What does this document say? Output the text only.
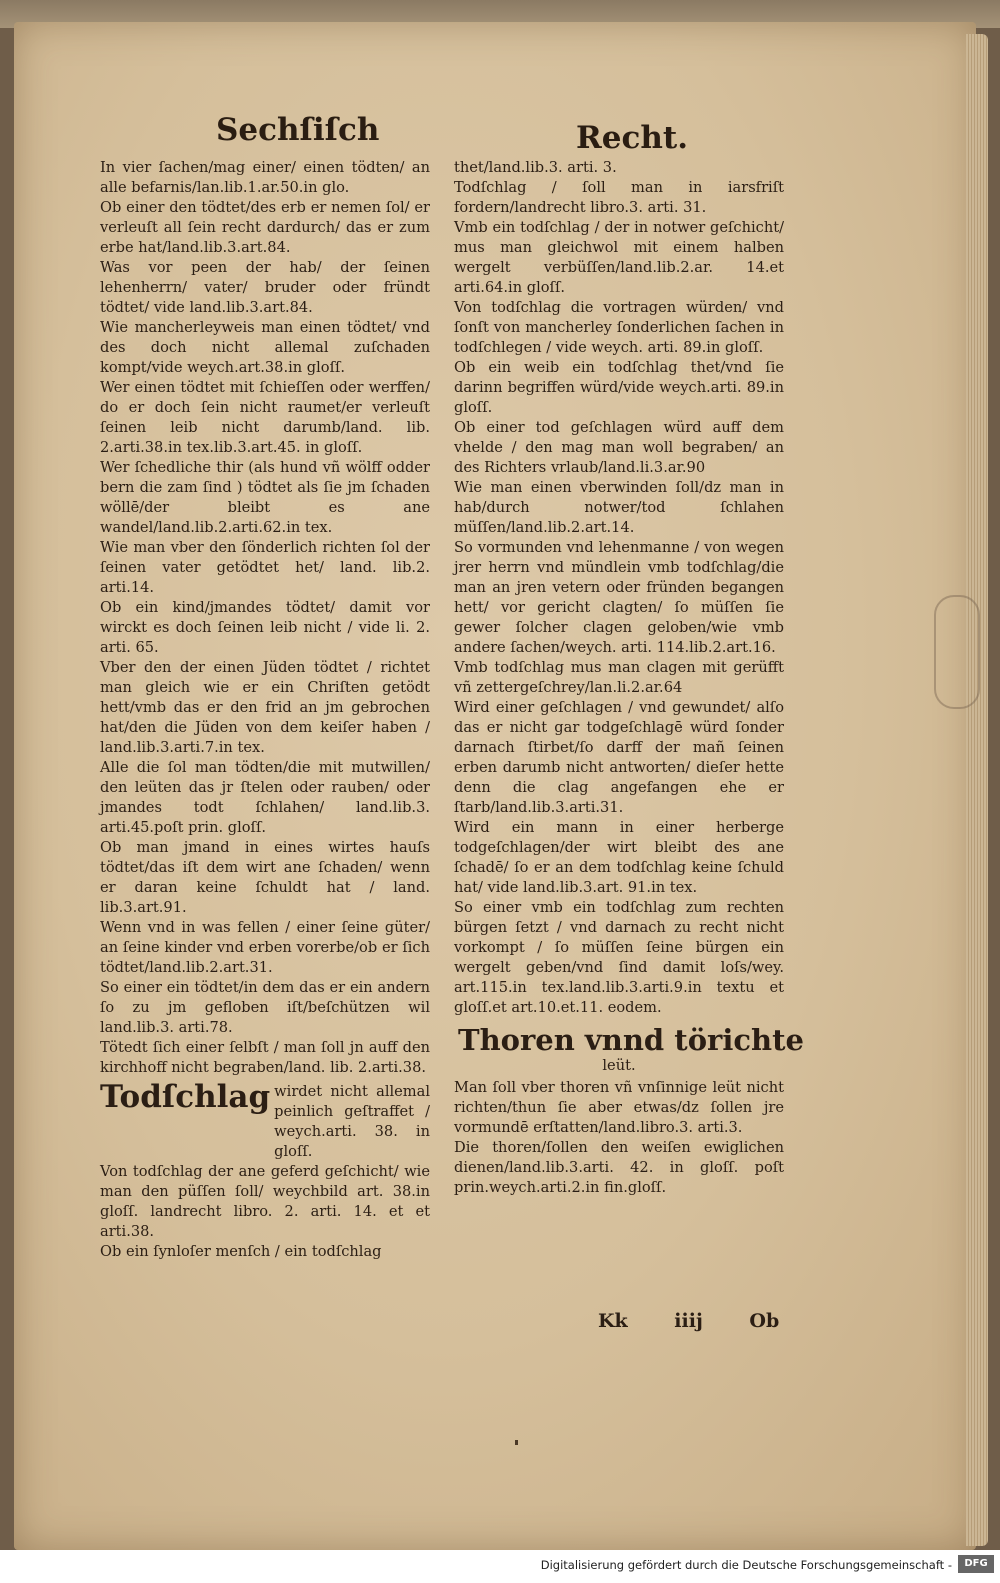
Sechſiſch	Recht.

In vier ſachen/mag einer/ einen tödten/ an alle befarnis/lan.lib.1.ar.50.in glo.

Ob einer den tödtet/des erb er nemen ſol/ er verleuſt all ſein recht dardurch/ das er zum erbe hat/land.lib.3.art.84.

Was vor peen der hab/ der ſeinen lehenherrn/ vater/ bruder oder fründt tödtet/ vide land.lib.3.art.84.

Wie mancherleyweis man einen tödtet/ vnd des doch nicht allemal zuſchaden kompt/vide weych.art.38.in gloſſ.

Wer einen tödtet mit ſchieſſen oder werffen/ do er doch ſein nicht raumet/er verleuſt ſeinen leib nicht darumb/land. lib. 2.arti.38.in tex.lib.3.art.45. in gloſſ.

Wer ſchedliche thir (als hund vñ wölff odder bern die zam ſind ) tödtet als ſie jm ſchaden wöllē/der bleibt es ane wandel/land.lib.2.arti.62.in tex.

Wie man vber den ſönderlich richten ſol der ſeinen vater getödtet het/ land. lib.2. arti.14.

Ob ein kind/jmandes tödtet/ damit vor wirckt es doch ſeinen leib nicht / vide li. 2. arti. 65.

Vber den der einen Jüden tödtet / richtet man gleich wie er ein Chriſten getödt hett/vmb das er den frid an jm gebrochen hat/den die Jüden von dem keiſer haben / land.lib.3.arti.7.in tex.

Alle die ſol man tödten/die mit mutwillen/ den leüten das jr ſtelen oder rauben/ oder jmandes todt ſchlahen/ land.lib.3. arti.45.poſt prin. gloſſ.

Ob man jmand in eines wirtes hauſs tödtet/das iſt dem wirt ane ſchaden/ wenn er daran keine ſchuldt hat / land. lib.3.art.91.

Wenn vnd in was fellen / einer ſeine güter/ an ſeine kinder vnd erben vorerbe/ob er ſich tödtet/land.lib.2.art.31.

So einer ein tödtet/in dem das er ein andern ſo zu jm gefloben iſt/beſchützen wil land.lib.3. arti.78.

Tötedt ſich einer ſelbſt / man ſoll jn auff den kirchhoff nicht begraben/land. lib. 2.arti.38.

Todſchlag wirdet nicht allemal peinlich geſtraffet / weych.arti. 38. in gloſſ.

Von todſchlag der ane geferd geſchicht/ wie man den püſſen ſoll/ weychbild art. 38.in gloſſ. landrecht libro. 2. arti. 14. et et arti.38.

Ob ein ſynloſer menſch / ein todſchlag

thet/land.lib.3. arti. 3.

Todſchlag / ſoll man in iarsfriſt fordern/landrecht libro.3. arti. 31.

Vmb ein todſchlag / der in notwer geſchicht/ mus man gleichwol mit einem halben wergelt verbüſſen/land.lib.2.ar. 14.et arti.64.in gloſſ.

Von todſchlag die vortragen würden/ vnd ſonſt von mancherley ſonderlichen ſachen in todſchlegen / vide weych. arti. 89.in gloſſ.

Ob ein weib ein todſchlag thet/vnd ſie darinn begriffen würd/vide weych.arti. 89.in gloſſ.

Ob einer tod geſchlagen würd auff dem vhelde / den mag man woll begraben/ an des Richters vrlaub/land.li.3.ar.90

Wie man einen vberwinden ſoll/dz man in hab/durch notwer/tod ſchlahen müſſen/land.lib.2.art.14.

So vormunden vnd lehenmanne / von wegen jrer herrn vnd mündlein vmb todſchlag/die man an jren vetern oder fründen begangen hett/ vor gericht clagten/ ſo müſſen ſie gewer ſolcher clagen geloben/wie vmb andere ſachen/weych. arti. 114.lib.2.art.16.

Vmb todſchlag mus man clagen mit gerüfft vñ zettergeſchrey/lan.li.2.ar.64

Wird einer geſchlagen / vnd gewundet/ alſo das er nicht gar todgeſchlagē würd ſonder darnach ſtirbet/ſo darff der mañ ſeinen erben darumb nicht antworten/ dieſer hette denn die clag angefangen ehe er ſtarb/land.lib.3.arti.31.

Wird ein mann in einer herberge todgeſchlagen/der wirt bleibt des ane ſchadē/ ſo er an dem todſchlag keine ſchuld hat/ vide land.lib.3.art. 91.in tex.

So einer vmb ein todſchlag zum rechten bürgen ſetzt / vnd darnach zu recht nicht vorkompt / ſo müſſen ſeine bürgen ein wergelt geben/vnd ſind damit loſs/wey. art.115.in tex.land.lib.3.arti.9.in textu et gloſſ.et art.10.et.11. eodem.

Thoren vnnd törichte
leüt.

Man ſoll vber thoren vñ vnſinnige leüt nicht richten/thun ſie aber etwas/dz ſollen jre vormundē erſtatten/land.libro.3. arti.3.

Die thoren/ſollen den weiſen ewiglichen dienen/land.lib.3.arti. 42. in gloſſ. poſt prin.weych.arti.2.in fin.gloſſ.

Kk iiij Ob
Digitalisierung gefördert durch die Deutsche Forschungsgemeinschaft -	DFG
